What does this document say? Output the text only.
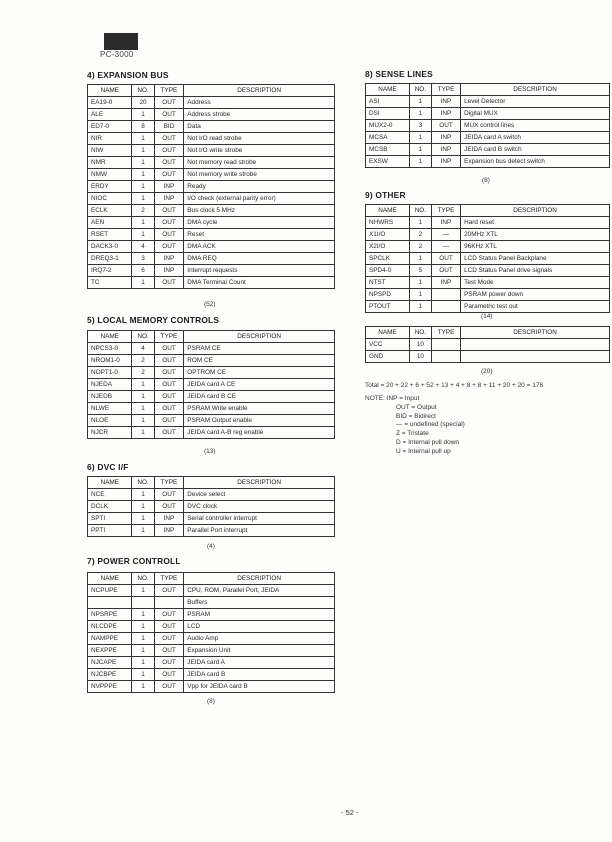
PC-3000
4) EXPANSION BUS
NAME	NO.	TYPE	DESCRIPTION
EA19-0	20	OUT	Address
ALE	1	OUT	Address strobe
ED7-0	8	BID	Data
NIR	1	OUT	Not I/O read strobe
NIW	1	OUT	Not I/O write strobe
NMR	1	OUT	Not memory read strobe
NMW	1	OUT	Not memory write strobe
ERDY	1	INP	Ready
NIOC	1	INP	I/O check (external parity error)
ECLK	2	OUT	Bus clock 5 MHz
AEN	1	OUT	DMA cycle
RSET	1	OUT	Reset
DACK3-0	4	OUT	DMA ACK
DREQ3-1	3	INP	DMA REQ
IRQ7-2	6	INP	Interrupt requests
TC	1	OUT	DMA Terminal Count
(52)
5) LOCAL MEMORY CONTROLS
NAME	NO.	TYPE	DESCRIPTION
NPCS3-0	4	OUT	PSRAM CE
NROM1-0	2	OUT	ROM CE
NOPT1-0	2	OUT	OPTROM CE
NJEDA	1	OUT	JEIDA card A CE
NJEDB	1	OUT	JEIDA card B CE
NLWE	1	OUT	PSRAM Write enable
NLOE	1	OUT	PSRAM Output enable
NJCR	1	OUT	JEIDA card A-B reg enable
(13)
6) DVC I/F
NAME	NO.	TYPE	DESCRIPTION
NCE	1	OUT	Device select
DCLK	1	OUT	DVC clock
SPTI	1	INP	Serial controller interrupt
PPTI	1	INP	Parallel Port interrupt
(4)
7) POWER CONTROLL
NAME	NO.	TYPE	DESCRIPTION
NCPUPE	1	OUT	CPU, ROM, Parallel Port, JEIDA
			Buffers
NPSRPE	1	OUT	PSRAM
NLCDPE	1	OUT	LCD
NAMPPE	1	OUT	Audio Amp
NEXPPE	1	OUT	Expansion Unit
NJCAPE	1	OUT	JEIDA card A
NJCBPE	1	OUT	JEIDA card B
NVPPPE	1	OUT	Vpp for JEIDA card B
(8)
8) SENSE LINES
NAME	NO.	TYPE	DESCRIPTION
ASI	1	INP	Level Detector
DSI	1	INP	Digital MUX
MUX2-0	3	OUT	MUX control lines
MCSA	1	INP	JEIDA card A switch
MCSB	1	INP	JEIDA card B switch
EXSW	1	INP	Expansion bus detect switch
(8)
9) OTHER
NAME	NO.	TYPE	DESCRIPTION
NHWRS	1	INP	Hard reset
X1I/O	2	—	20MHz XTL
X2I/O	2	—	96KHz XTL
SPCLK	1	OUT	LCD Status Panel Backplane
SPD4-0	5	OUT	LCD Status Panel drive signals
NTST	1	INP	Test Mode
NPSPD	1		PSRAM power down
PTOUT	1		Parametric test out
(14)
NAME	NO.	TYPE	DESCRIPTION
VCC	10		
GND	10		
(20)
Total = 20 + 22 + 6 + 52 + 13 + 4 + 8 + 8 + 11 + 20 + 20 = 176
NOTE: INP = Input
OUT = Output
BID = Bidirect
— = undefined (special)
Z = Tristate
D = Internal pull down
U = Internal pull up
- 52 -
